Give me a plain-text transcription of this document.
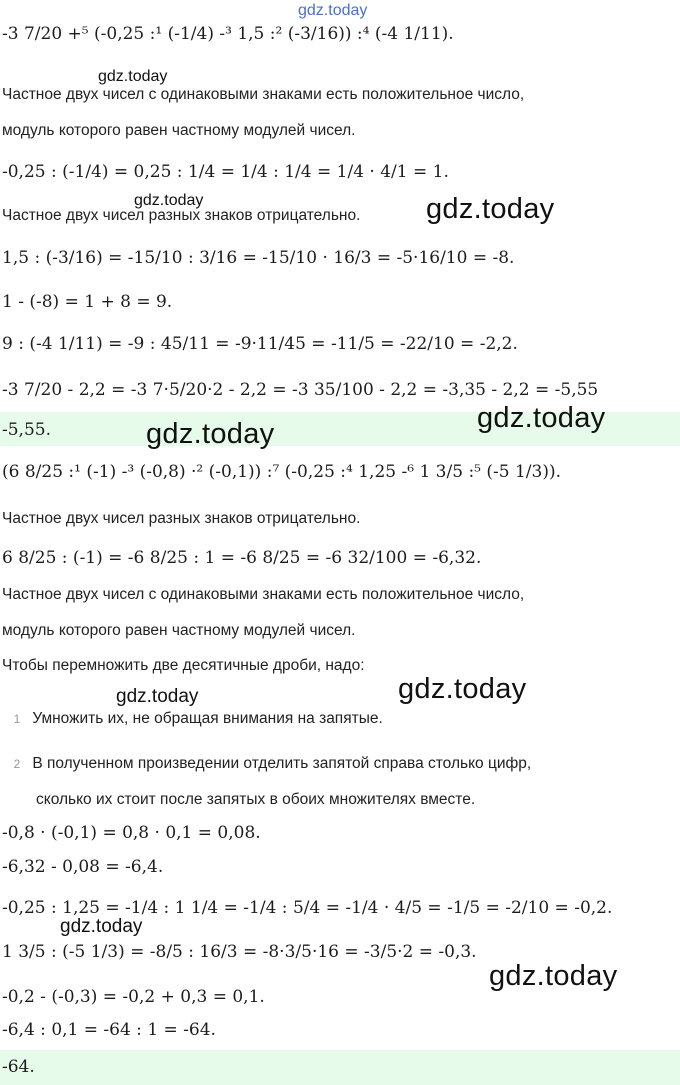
-3 7/20 +⁵ (-0,25 :¹ (-1/4) -³ 1,5 :² (-3/16)) :⁴ (-4 1/11).
Частное двух чисел с одинаковыми знаками есть положительное число,
модуль которого равен частному модулей чисел.
-0,25 : (-1/4) = 0,25 : 1/4 = 1/4 : 1/4 = 1/4 · 4/1 = 1.
Частное двух чисел разных знаков отрицательно.
1,5 : (-3/16) = -15/10 : 3/16 = -15/10 · 16/3 = -5·16/10 = -8.
1 - (-8) = 1 + 8 = 9.
9 : (-4 1/11) = -9 : 45/11 = -9·11/45 = -11/5 = -22/10 = -2,2.
-3 7/20 - 2,2 = -3 7·5/20·2 - 2,2 = -3 35/100 - 2,2 = -3,35 - 2,2 = -5,55
-5,55.
(6 8/25 :¹ (-1) -³ (-0,8) ·² (-0,1)) :⁷ (-0,25 :⁴ 1,25 -⁶ 1 3/5 :⁵ (-5 1/3)).
Частное двух чисел разных знаков отрицательно.
6 8/25 : (-1) = -6 8/25 : 1 = -6 8/25 = -6 32/100 = -6,32.
Частное двух чисел с одинаковыми знаками есть положительное число,
модуль которого равен частному модулей чисел.
Чтобы перемножить две десятичные дроби, надо:
1 Умножить их, не обращая внимания на запятые.
2 В полученном произведении отделить запятой справа столько цифр,
сколько их стоит после запятых в обоих множителях вместе.
-0,8 · (-0,1) = 0,8 · 0,1 = 0,08.
-6,32 - 0,08 = -6,4.
-0,25 : 1,25 = -1/4 : 1 1/4 = -1/4 : 5/4 = -1/4 · 4/5 = -1/5 = -2/10 = -0,2.
1 3/5 : (-5 1/3) = -8/5 : 16/3 = -8·3/5·16 = -3/5·2 = -0,3.
-0,2 - (-0,3) = -0,2 + 0,3 = 0,1.
-6,4 : 0,1 = -64 : 1 = -64.
-64.
gdz.today
gdz.today
gdz.today	gdz.today
gdz.today
gdz.today
gdz.today
gdz.today
gdz.today
gdz.today
